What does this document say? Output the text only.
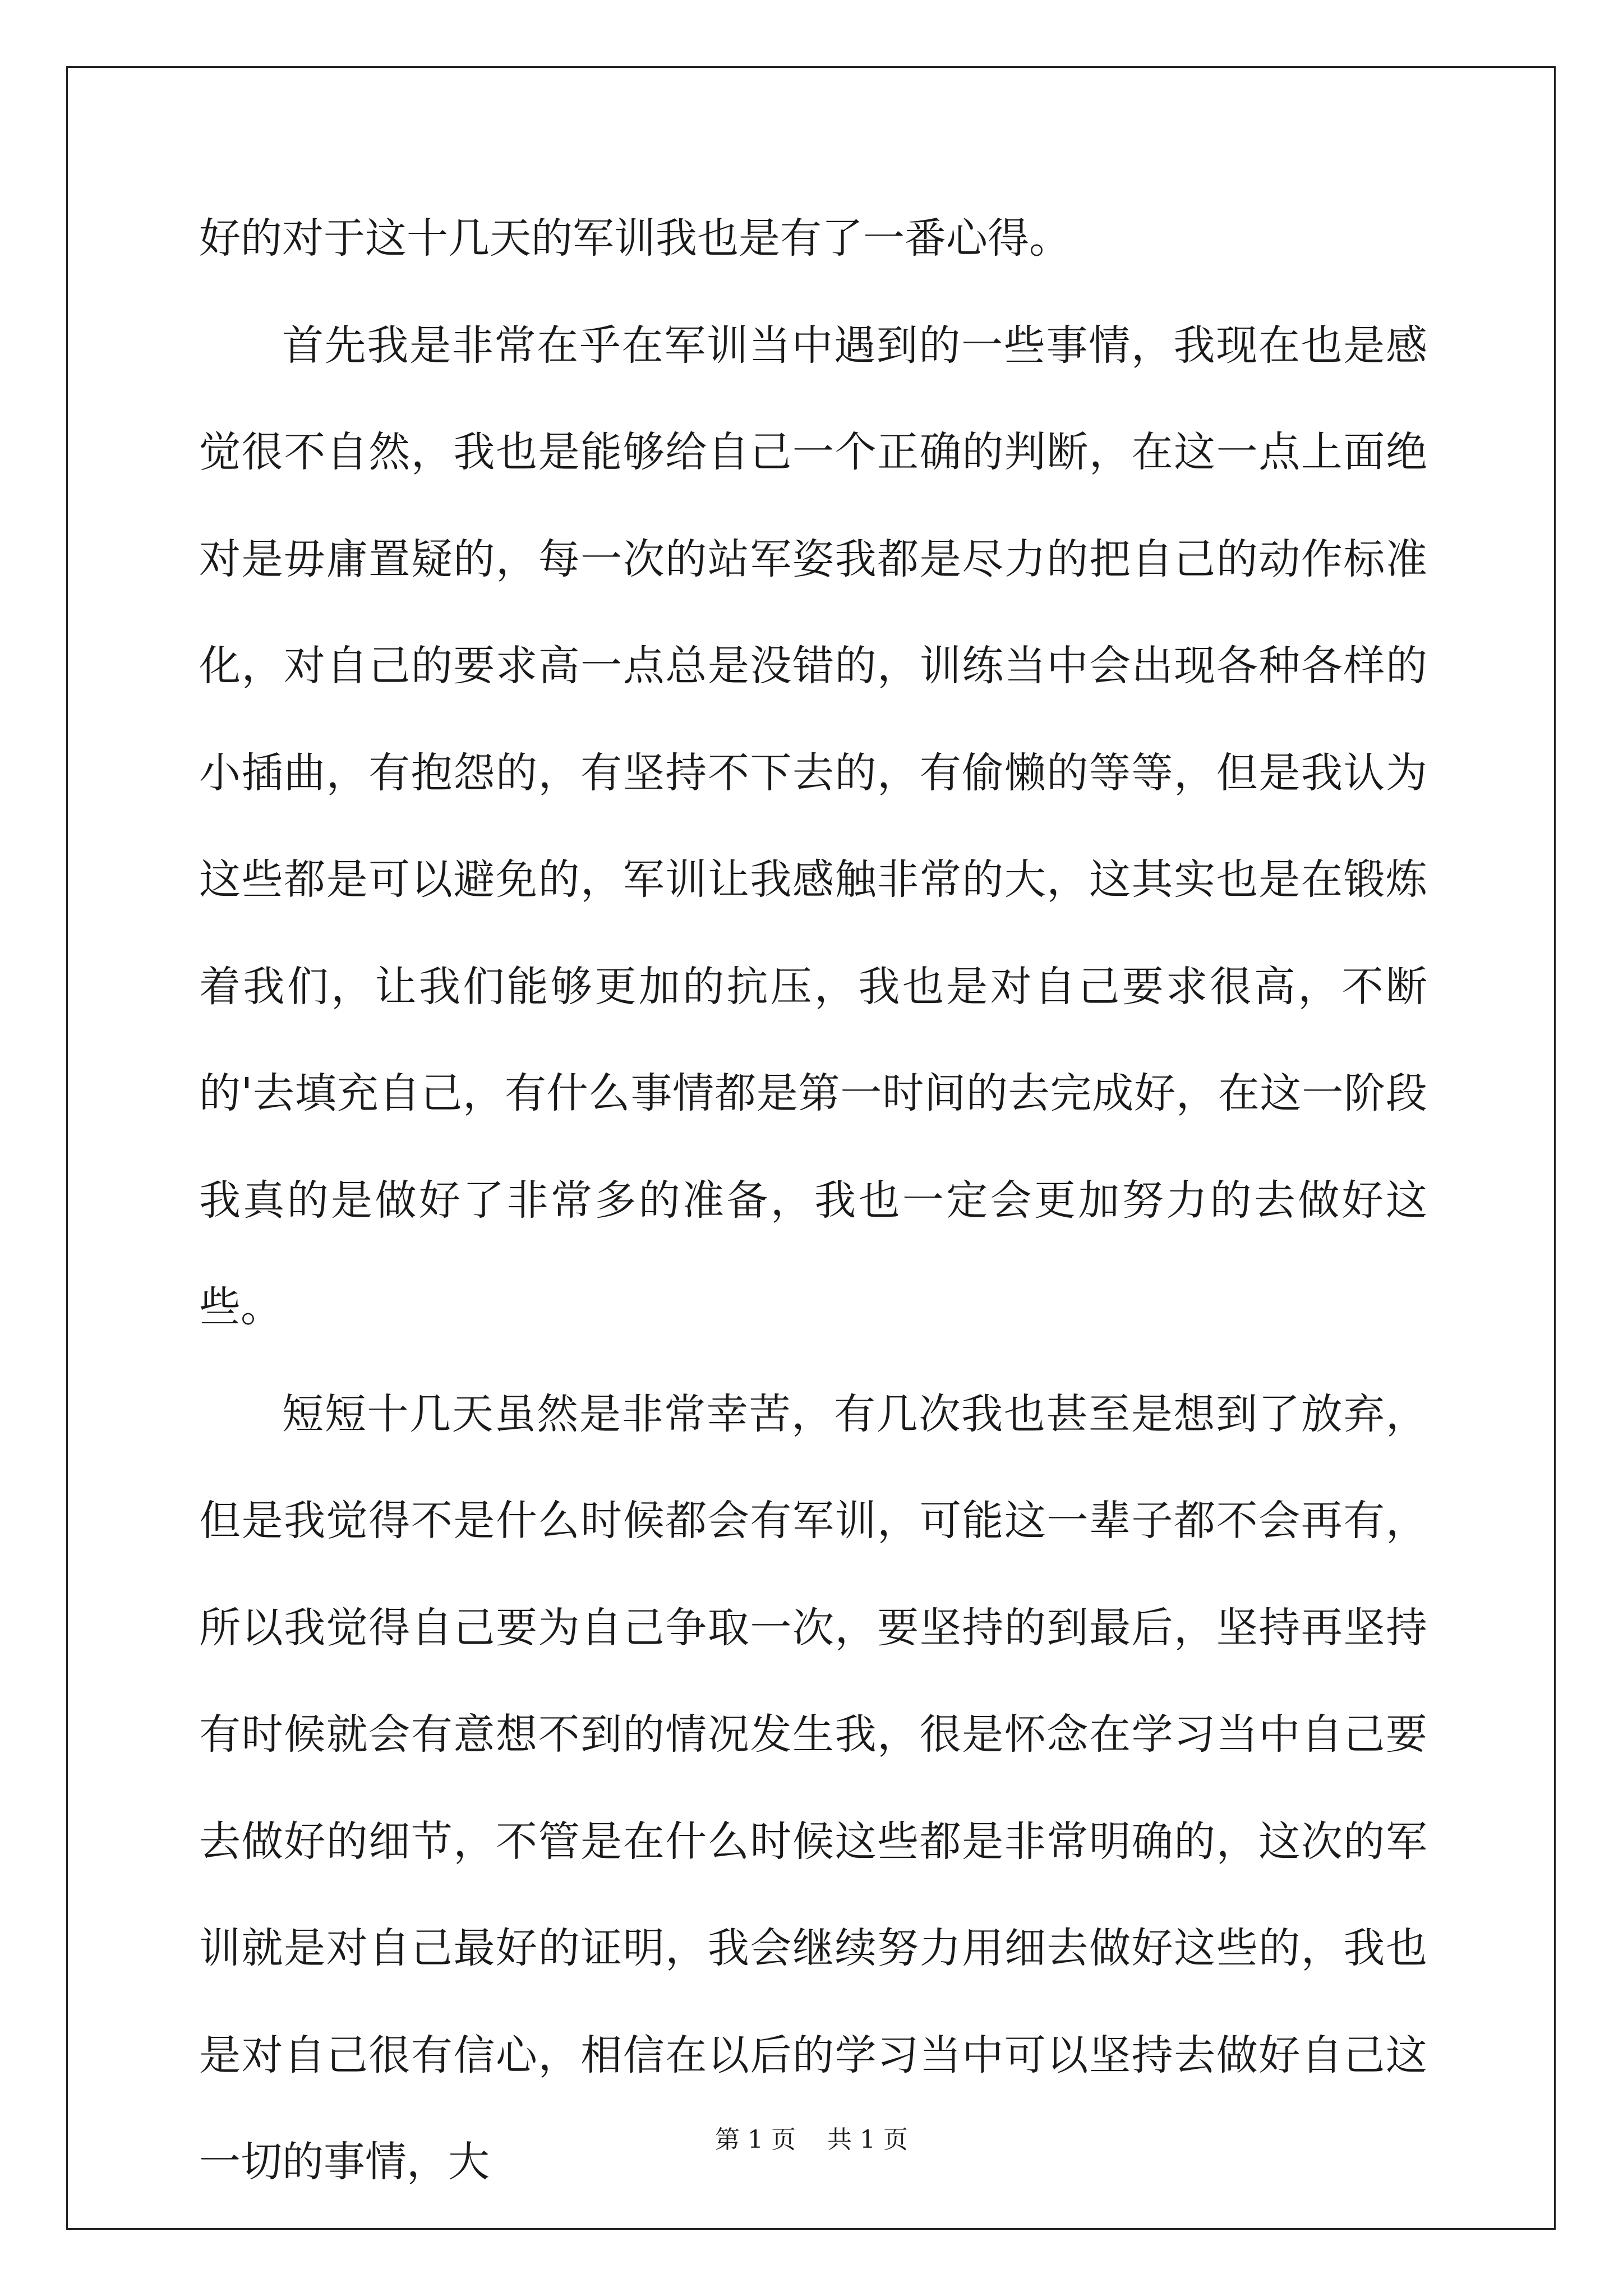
好的对于这十几天的军训我也是有了一番心得。

首先我是非常在乎在军训当中遇到的一些事情，我现在也是感觉很不自然，我也是能够给自己一个正确的判断，在这一点上面绝对是毋庸置疑的，每一次的站军姿我都是尽力的把自己的动作标准化，对自己的要求高一点总是没错的，训练当中会出现各种各样的小插曲，有抱怨的，有坚持不下去的，有偷懒的等等，但是我认为这些都是可以避免的，军训让我感触非常的大，这其实也是在锻炼着我们，让我们能够更加的抗压，我也是对自己要求很高，不断的'去填充自己，有什么事情都是第一时间的去完成好，在这一阶段我真的是做好了非常多的准备，我也一定会更加努力的去做好这些。

短短十几天虽然是非常幸苦，有几次我也甚至是想到了放弃，但是我觉得不是什么时候都会有军训，可能这一辈子都不会再有，所以我觉得自己要为自己争取一次，要坚持的到最后，坚持再坚持有时候就会有意想不到的情况发生我，很是怀念在学习当中自己要去做好的细节，不管是在什么时候这些都是非常明确的，这次的军训就是对自己最好的证明，我会继续努力用细去做好这些的，我也是对自己很有信心，相信在以后的学习当中可以坚持去做好自己这一切的事情，大	第 1 页    共 1 页
